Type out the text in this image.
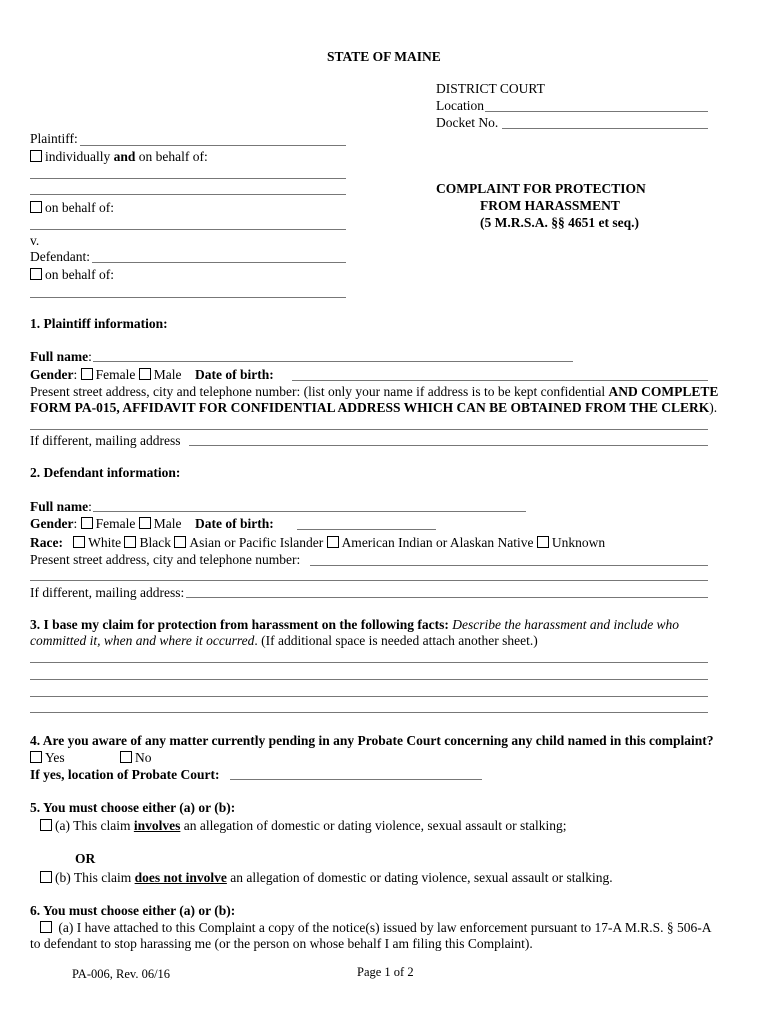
STATE OF MAINE
DISTRICT COURT
Location
Docket No.
Plaintiff:
individually and on behalf of:
on behalf of:
v.
Defendant:
on behalf of:
COMPLAINT FOR PROTECTION
FROM HARASSMENT
(5 M.R.S.A. §§ 4651 et seq.)
1. Plaintiff information:
Full name:
Gender: Female Male Date of birth:
Present street address, city and telephone number: (list only your name if address is to be kept confidential AND COMPLETE
FORM PA-015, AFFIDAVIT FOR CONFIDENTIAL ADDRESS WHICH CAN BE OBTAINED FROM THE CLERK).
If different, mailing address
2. Defendant information:
Full name:
Gender: Female Male Date of birth:
Race: White Black Asian or Pacific Islander American Indian or Alaskan Native Unknown
Present street address, city and telephone number:
If different, mailing address:
3. I base my claim for protection from harassment on the following facts: Describe the harassment and include who
committed it, when and where it occurred. (If additional space is needed attach another sheet.)
4. Are you aware of any matter currently pending in any Probate Court concerning any child named in this complaint?
Yes	No
If yes, location of Probate Court:
5. You must choose either (a) or (b):
(a) This claim involves an allegation of domestic or dating violence, sexual assault or stalking;
OR
(b) This claim does not involve an allegation of domestic or dating violence, sexual assault or stalking.
6. You must choose either (a) or (b):
(a) I have attached to this Complaint a copy of the notice(s) issued by law enforcement pursuant to 17-A M.R.S. § 506-A
to defendant to stop harassing me (or the person on whose behalf I am filing this Complaint).
PA-006, Rev. 06/16	Page 1 of 2
